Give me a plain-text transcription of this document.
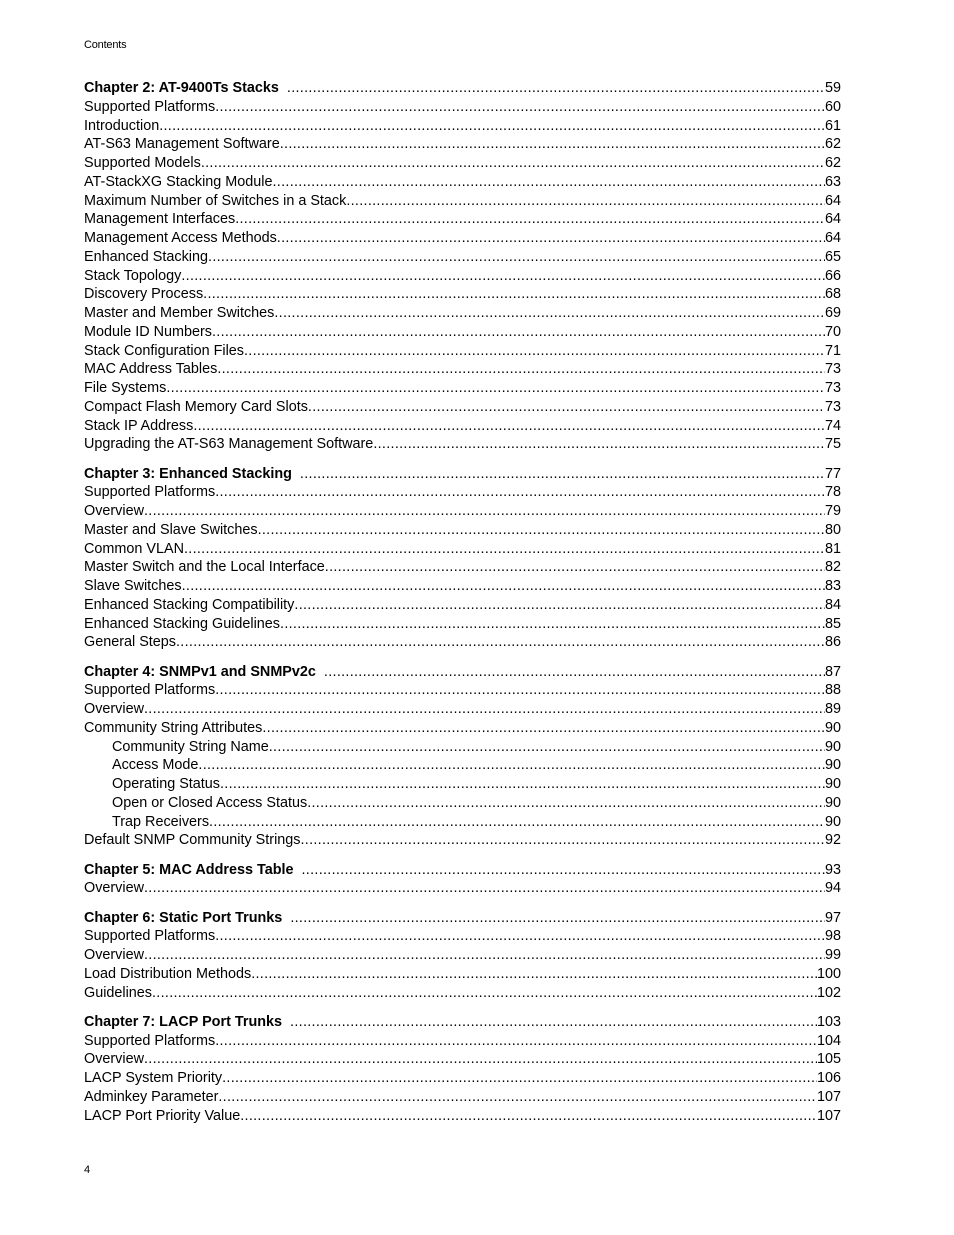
Contents
Chapter 2: AT-9400Ts Stacks .....	59
Supported Platforms .....	60
Introduction .....	61
AT-S63 Management Software .....	62
Supported Models .....	62
AT-StackXG Stacking Module .....	63
Maximum Number of Switches in a Stack .....	64
Management Interfaces .....	64
Management Access Methods .....	64
Enhanced Stacking .....	65
Stack Topology .....	66
Discovery Process .....	68
Master and Member Switches .....	69
Module ID Numbers .....	70
Stack Configuration Files .....	71
MAC Address Tables .....	73
File Systems .....	73
Compact Flash Memory Card Slots .....	73
Stack IP Address .....	74
Upgrading the AT-S63 Management Software .....	75
Chapter 3: Enhanced Stacking .....	77
Supported Platforms .....	78
Overview .....	79
Master and Slave Switches .....	80
Common VLAN .....	81
Master Switch and the Local Interface .....	82
Slave Switches .....	83
Enhanced Stacking Compatibility .....	84
Enhanced Stacking Guidelines .....	85
General Steps .....	86
Chapter 4: SNMPv1 and SNMPv2c .....	87
Supported Platforms .....	88
Overview .....	89
Community String Attributes .....	90
Community String Name .....	90
Access Mode .....	90
Operating Status .....	90
Open or Closed Access Status .....	90
Trap Receivers .....	90
Default SNMP Community Strings .....	92
Chapter 5: MAC Address Table .....	93
Overview .....	94
Chapter 6: Static Port Trunks .....	97
Supported Platforms .....	98
Overview .....	99
Load Distribution Methods .....	100
Guidelines .....	102
Chapter 7: LACP Port Trunks .....	103
Supported Platforms .....	104
Overview .....	105
LACP System Priority .....	106
Adminkey Parameter .....	107
LACP Port Priority Value .....	107
4
